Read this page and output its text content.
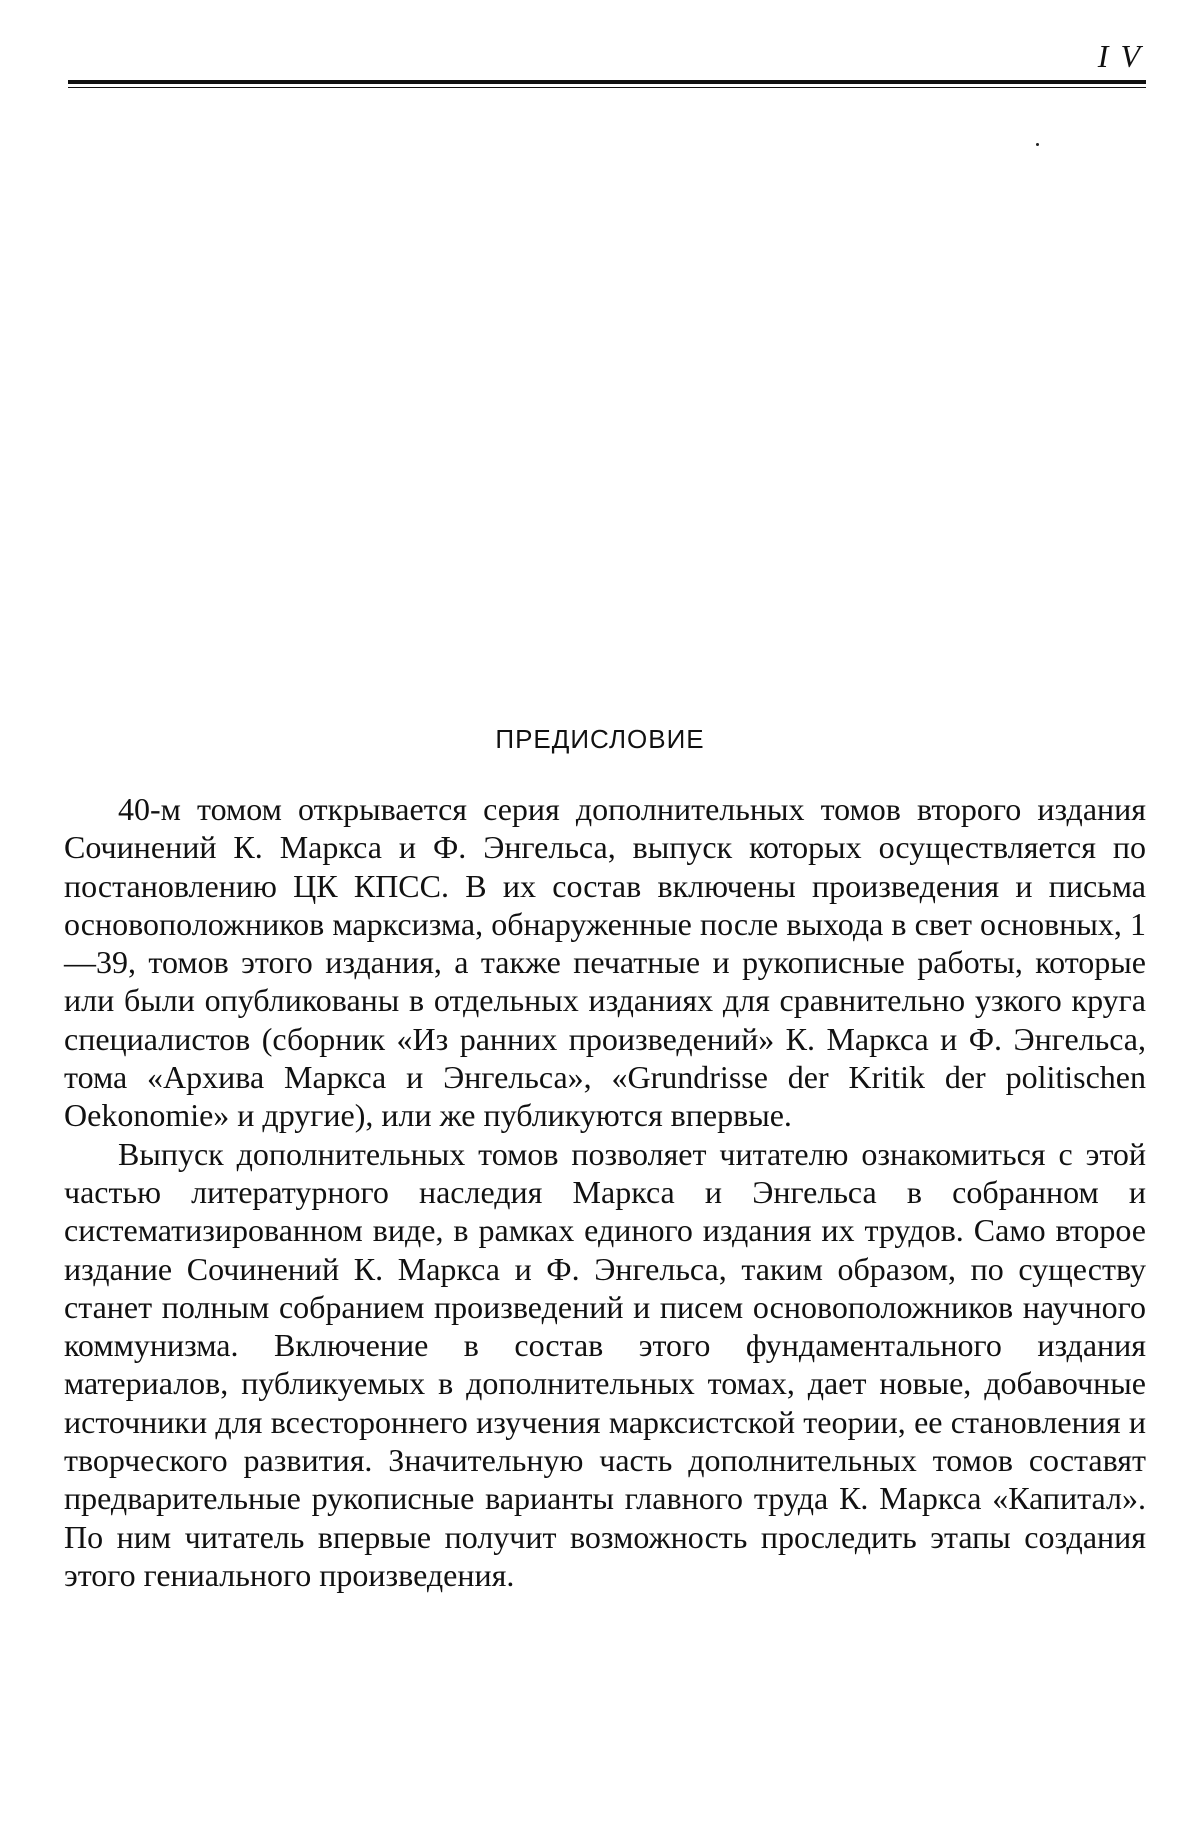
I V
ПРЕДИСЛОВИЕ

40-м томом открывается серия дополнительных томов второго издания Сочинений К. Маркса и Ф. Энгельса, выпуск которых осуществляется по постановлению ЦК КПСС. В их состав включены произведения и письма основоположников марксизма, обнаруженные после выхода в свет основных, 1—39, томов этого издания, а также печатные и рукописные работы, которые или были опубликованы в отдельных изданиях для сравнительно узкого круга специалистов (сборник «Из ранних произведений» К. Маркса и Ф. Энгельса, тома «Архива Маркса и Энгельса», «Grundrisse der Kritik der politischen Oekonomie» и другие), или же публикуются впервые.

Выпуск дополнительных томов позволяет читателю ознакомиться с этой частью литературного наследия Маркса и Энгельса в собранном и систематизированном виде, в рамках единого издания их трудов. Само второе издание Сочинений К. Маркса и Ф. Энгельса, таким образом, по существу станет полным собранием произведений и писем основоположников научного коммунизма. Включение в состав этого фундаментального издания материалов, публикуемых в дополнительных томах, дает новые, добавочные источники для всестороннего изучения марксистской теории, ее становления и творческого развития. Значительную часть дополнительных томов составят предварительные рукописные варианты главного труда К. Маркса «Капитал». По ним читатель впервые получит возможность проследить этапы создания этого гениального произведения.
